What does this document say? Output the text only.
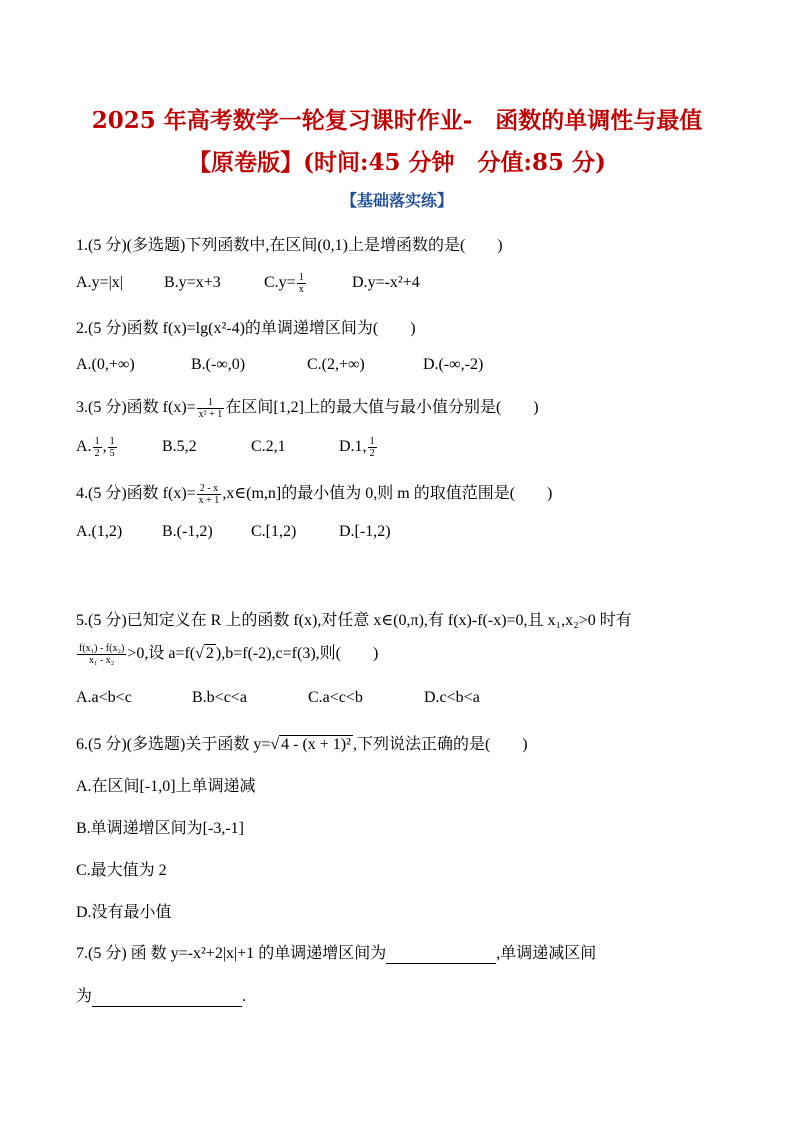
2025 年高考数学一轮复习课时作业-　函数的单调性与最值
【原卷版】(时间:45 分钟　分值:85 分)
【基础落实练】
1.(5 分)(多选题)下列函数中,在区间(0,1)上是增函数的是(　　)
A.y=|x|	B.y=x+3	$C.y= \frac{1}{x}$	D.y=-x²+4
2.(5 分)函数 f(x)=lg(x²-4)的单调递增区间为(　　)
A.(0,+∞)	B.(-∞,0)	C.(2,+∞)	D.(-∞,-2)
3.(5 分)函数 $f(x)= \frac{1}{\text{x² + 1}}$ 在区间[1,2]上的最大值与最小值分别是(　　)
A. $\frac{1}{2}$ , $\frac{1}{5}$	B.5,2	C.2,1	D.1, $\frac{1}{2}$
4.(5 分)函数 $f(x)= \frac{2 - x}{x + 1}$ ,x∈(m,n]的最小值为 0,则 m 的取值范围是(　　)
A.(1,2) B.(-1,2) C.[1,2)	D.[-1,2)
5.(5 分)已知定义在 R 上的函数 f(x),对任意 x∈(0,π),有 f(x)-f(-x)=0,且 x₁,x₂>0 时有
$\frac{\text{f(x₁) - f(x₂)}}{\text{x₁ - x₂}} >0$,设 a=f(√ 2 ),b=f(-2),c=f(3),则(　　)
A.a<b<c	B.b<c<a	C.a<c<b	D.c<b<a
6.(5 分)(多选题)关于函数 y=√ 4 - (x + 1)² ,下列说法正确的是(　　)
A.在区间[-1,0]上单调递减
B.单调递增区间为[-3,-1]
C.最大值为 2
D.没有最小值
7.(5 分) 函 数 y=-x²+2|x|+1 的单调递增区间为	,单调递减区间
为	.
